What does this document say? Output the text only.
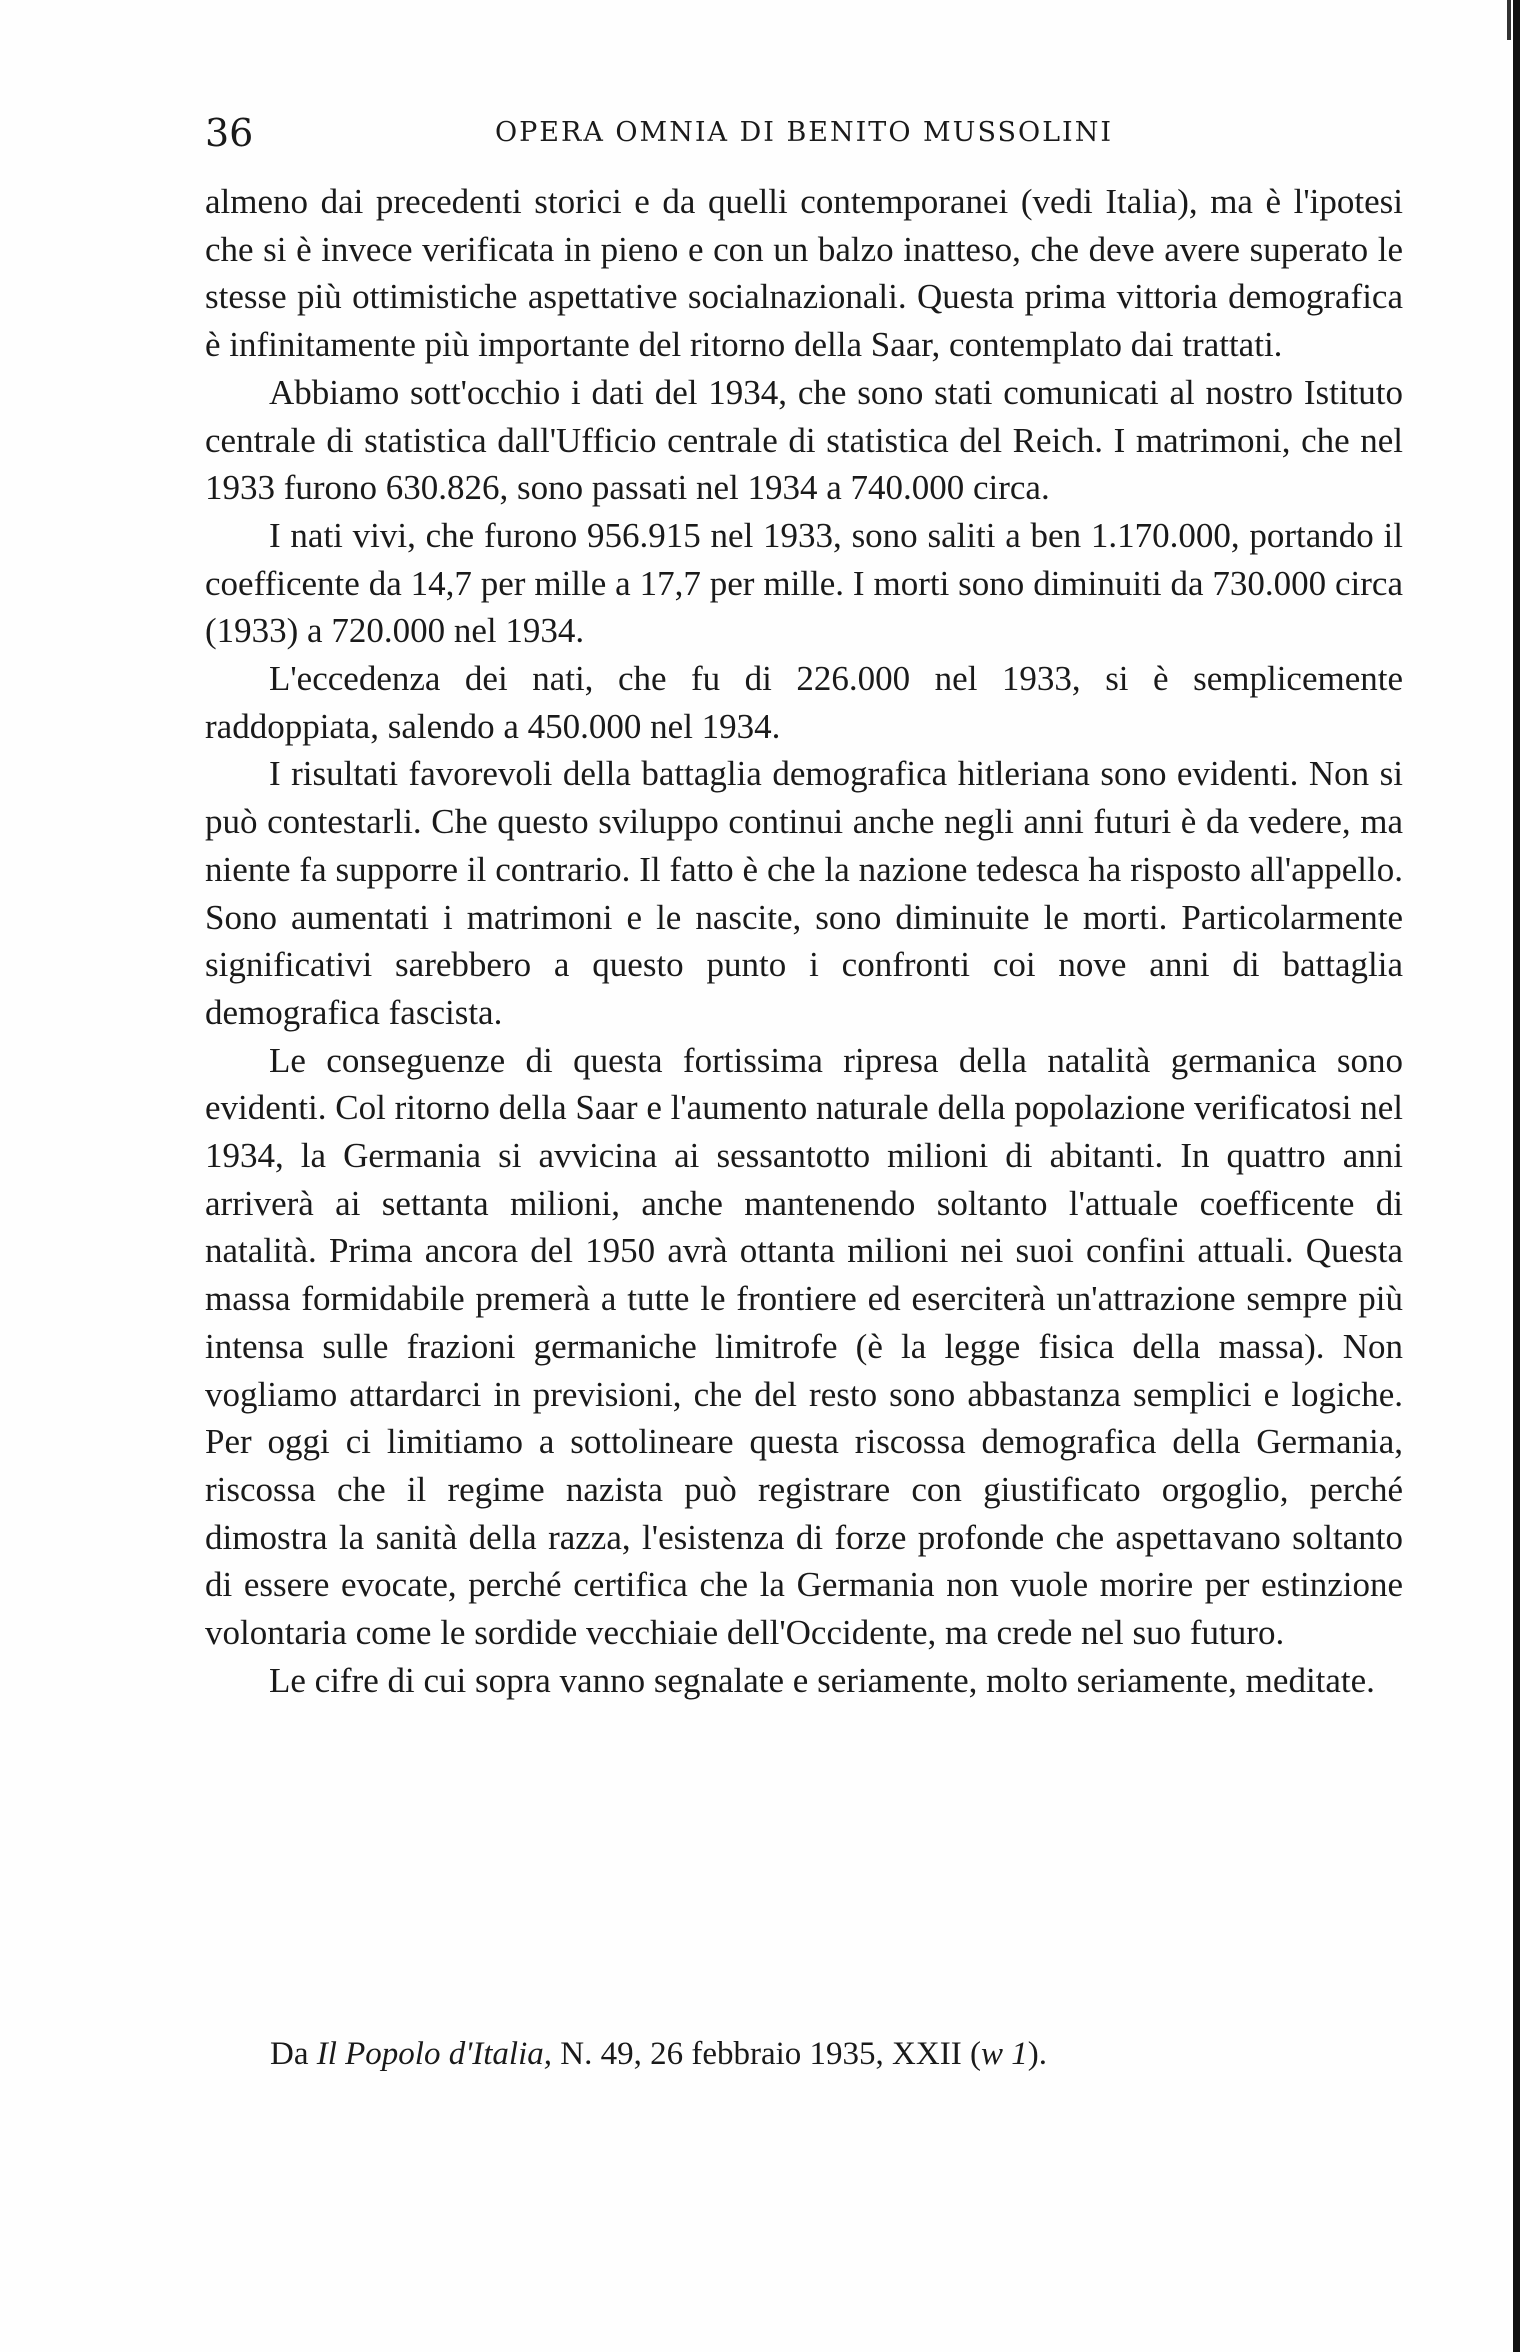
36	OPERA OMNIA DI BENITO MUSSOLINI

almeno dai precedenti storici e da quelli contemporanei (vedi Italia), ma è l'ipotesi che si è invece verificata in pieno e con un balzo inatteso, che deve avere superato le stesse più ottimistiche aspettative socialnazionali. Questa prima vittoria demografica è infinitamente più importante del ritorno della Saar, contemplato dai trattati.

Abbiamo sott'occhio i dati del 1934, che sono stati comunicati al nostro Istituto centrale di statistica dall'Ufficio centrale di statistica del Reich. I matrimoni, che nel 1933 furono 630.826, sono passati nel 1934 a 740.000 circa.

I nati vivi, che furono 956.915 nel 1933, sono saliti a ben 1.170.000, portando il coefficente da 14,7 per mille a 17,7 per mille. I morti sono diminuiti da 730.000 circa (1933) a 720.000 nel 1934.

L'eccedenza dei nati, che fu di 226.000 nel 1933, si è semplicemente raddoppiata, salendo a 450.000 nel 1934.

I risultati favorevoli della battaglia demografica hitleriana sono evidenti. Non si può contestarli. Che questo sviluppo continui anche negli anni futuri è da vedere, ma niente fa supporre il contrario. Il fatto è che la nazione tedesca ha risposto all'appello. Sono aumentati i matrimoni e le nascite, sono diminuite le morti. Particolarmente significativi sarebbero a questo punto i confronti coi nove anni di battaglia demografica fascista.

Le conseguenze di questa fortissima ripresa della natalità germanica sono evidenti. Col ritorno della Saar e l'aumento naturale della popolazione verificatosi nel 1934, la Germania si avvicina ai sessantotto milioni di abitanti. In quattro anni arriverà ai settanta milioni, anche mantenendo soltanto l'attuale coefficente di natalità. Prima ancora del 1950 avrà ottanta milioni nei suoi confini attuali. Questa massa formidabile premerà a tutte le frontiere ed eserciterà un'attrazione sempre più intensa sulle frazioni germaniche limitrofe (è la legge fisica della massa). Non vogliamo attardarci in previsioni, che del resto sono abbastanza semplici e logiche. Per oggi ci limitiamo a sottolineare questa riscossa demografica della Germania, riscossa che il regime nazista può registrare con giustificato orgoglio, perché dimostra la sanità della razza, l'esistenza di forze profonde che aspettavano soltanto di essere evocate, perché certifica che la Germania non vuole morire per estinzione volontaria come le sordide vecchiaie dell'Occidente, ma crede nel suo futuro.

Le cifre di cui sopra vanno segnalate e seriamente, molto seriamente, meditate.

Da Il Popolo d'Italia, N. 49, 26 febbraio 1935, XXII (w 1).
